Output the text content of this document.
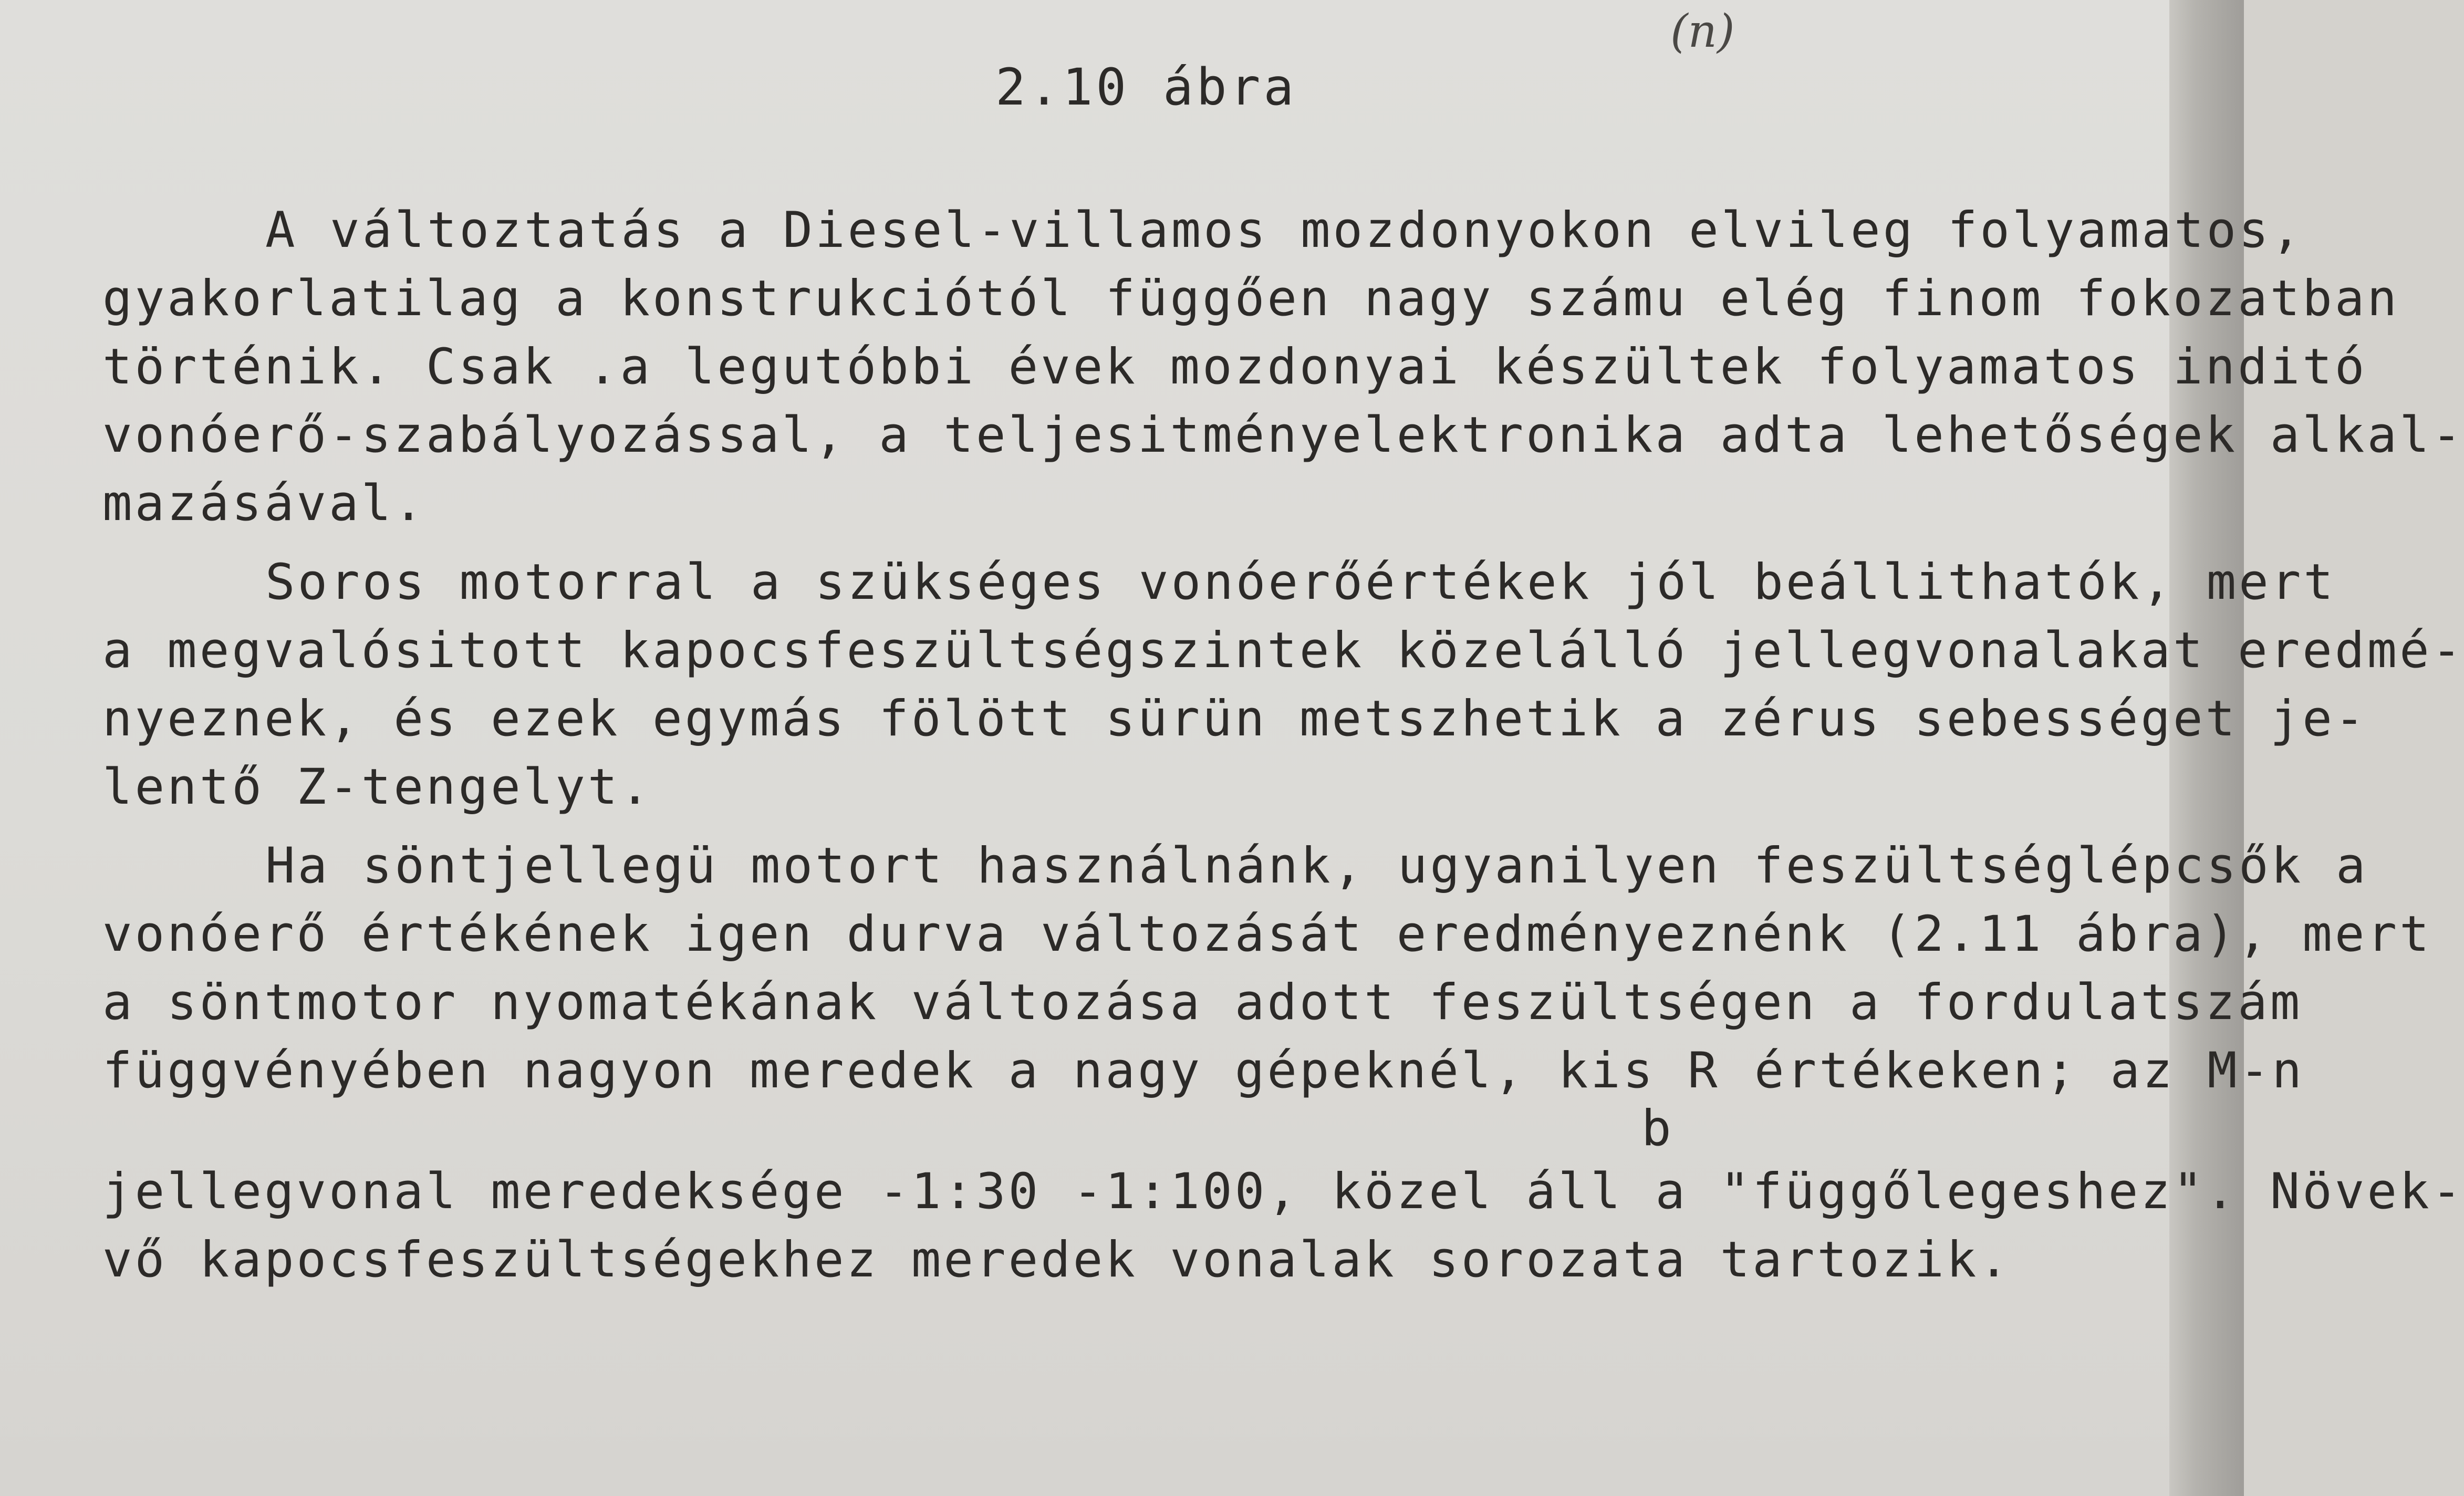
(n)
2.10 ábra
A változtatás a Diesel-villamos mozdonyokon elvileg folyamatos,
gyakorlatilag a konstrukciótól függően nagy számu elég finom fokozatban
történik. Csak .a legutóbbi évek mozdonyai készültek folyamatos inditó
vonóerő-szabályozással, a teljesitményelektronika adta lehetőségek alkal-
mazásával.
Soros motorral a szükséges vonóerőértékek jól beállithatók, mert
a megvalósitott kapocsfeszültségszintek közelálló jellegvonalakat eredmé-
nyeznek, és ezek egymás fölött sürün metszhetik a zérus sebességet je-
lentő Z-tengelyt.
Ha söntjellegü motort használnánk, ugyanilyen feszültséglépcsők a
vonóerő értékének igen durva változását eredményeznénk (2.11 ábra), mert
a söntmotor nyomatékának változása adott feszültségen a fordulatszám
függvényében nagyon meredek a nagy gépeknél, kis R
b
értékeken; az M-n
jellegvonal meredeksége -1:30 -1:100, közel áll a "függőlegeshez". Növek-
vő kapocsfeszültségekhez meredek vonalak sorozata tartozik.
